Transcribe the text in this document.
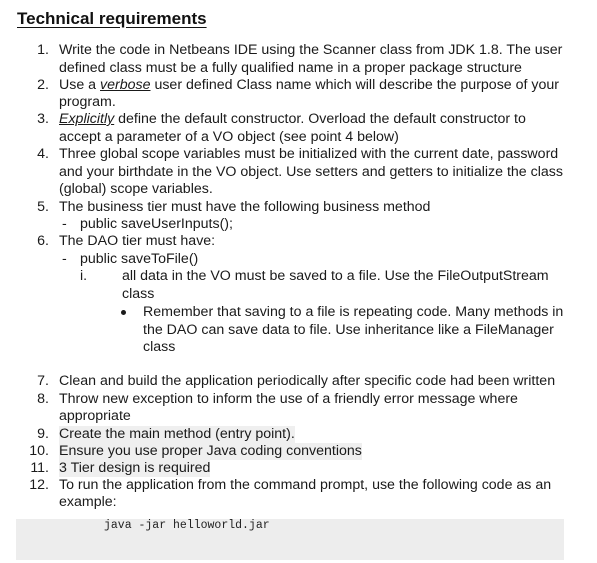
Technical requirements
1. Write the code in Netbeans IDE using the Scanner class from JDK 1.8. The user
defined class must be a fully qualified name in a proper package structure
2. Use a verbose user defined Class name which will describe the purpose of your
program.
3. Explicitly define the default constructor. Overload the default constructor to
accept a parameter of a VO object (see point 4 below)
4. Three global scope variables must be initialized with the current date, password
and your birthdate in the VO object. Use setters and getters to initialize the class
(global) scope variables.
5. The business tier must have the following business method
- public saveUserInputs();
6. The DAO tier must have:
- public saveToFile()
i. all data in the VO must be saved to a file. Use the FileOutputStream
class
Remember that saving to a file is repeating code. Many methods in
the DAO can save data to file. Use inheritance like a FileManager
class
7. Clean and build the application periodically after specific code had been written
8. Throw new exception to inform the use of a friendly error message where
appropriate
9. Create the main method (entry point).
10. Ensure you use proper Java coding conventions
11. 3 Tier design is required
12. To run the application from the command prompt, use the following code as an
example:
java -jar helloworld.jar
